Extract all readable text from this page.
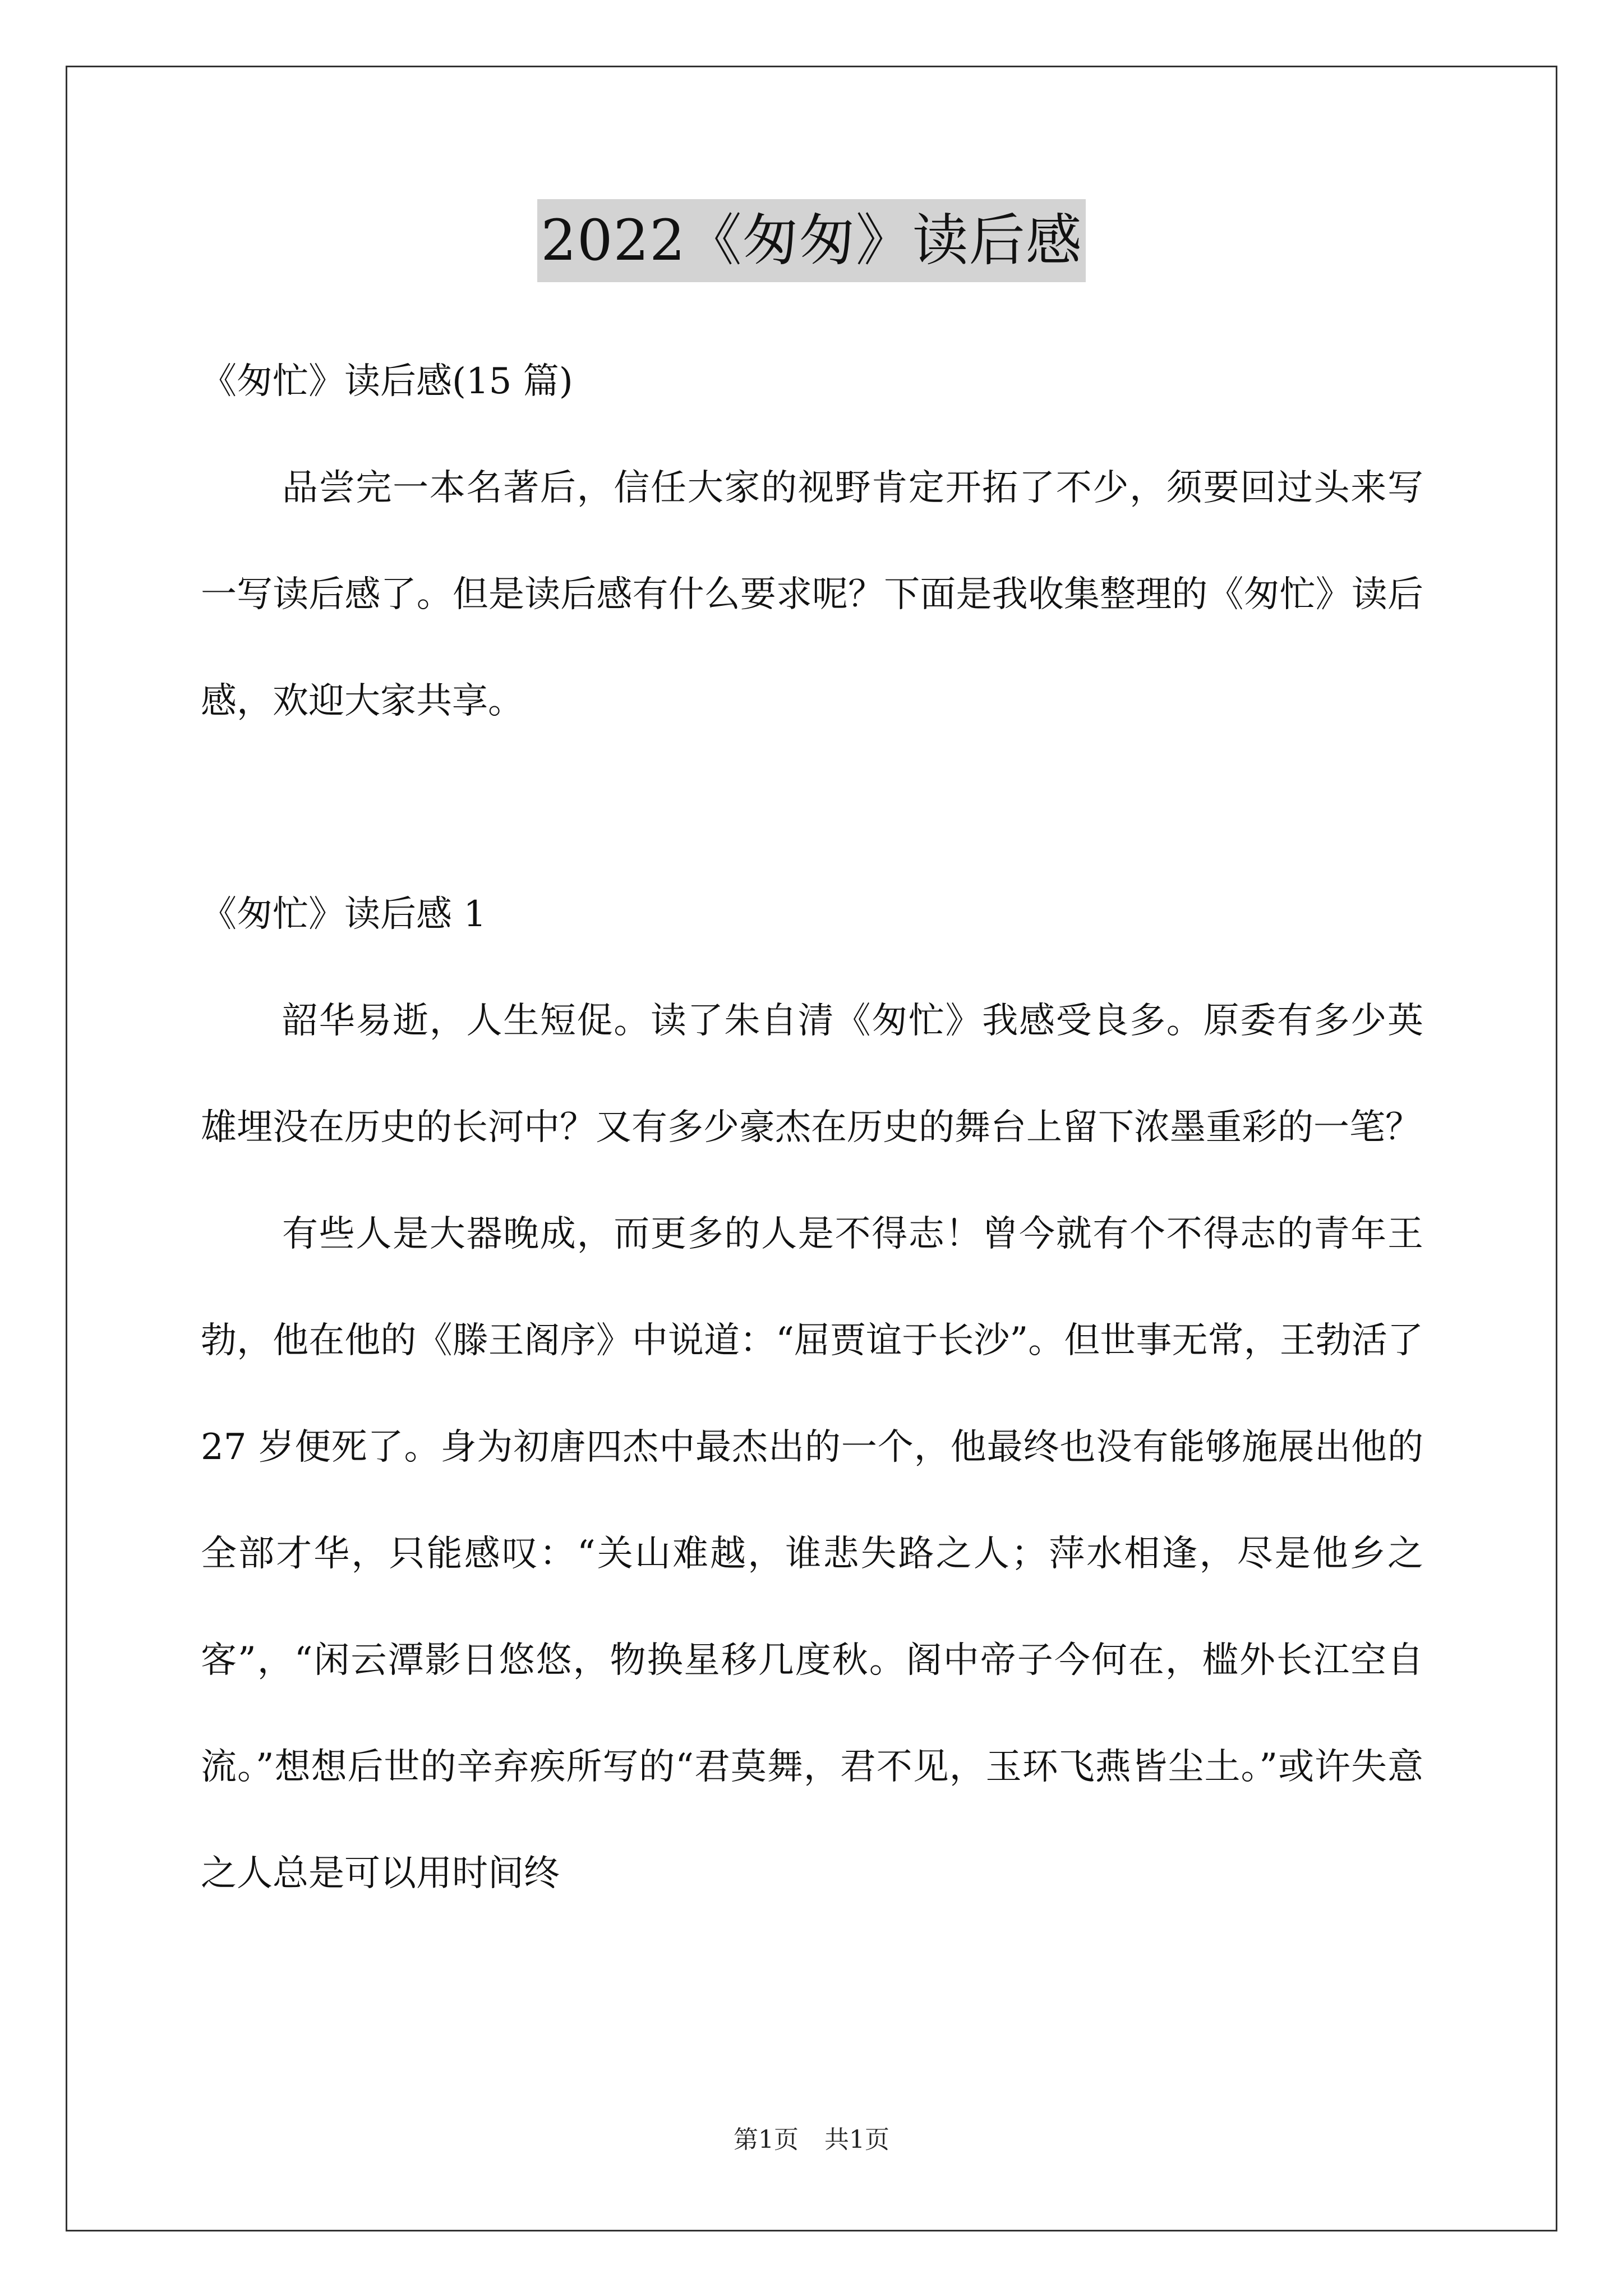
2022《匆匆》读后感

《匆忙》读后感(15 篇)

品尝完一本名著后，信任大家的视野肯定开拓了不少，须要回过头来写一写读后感了。但是读后感有什么要求呢？下面是我收集整理的《匆忙》读后感，欢迎大家共享。

《匆忙》读后感 1

韶华易逝，人生短促。读了朱自清《匆忙》我感受良多。原委有多少英雄埋没在历史的长河中？又有多少豪杰在历史的舞台上留下浓墨重彩的一笔？

有些人是大器晚成，而更多的人是不得志！曾今就有个不得志的青年王勃，他在他的《滕王阁序》中说道：“屈贾谊于长沙”。但世事无常，王勃活了 27 岁便死了。身为初唐四杰中最杰出的一个，他最终也没有能够施展出他的全部才华，只能感叹：“关山难越，谁悲失路之人；萍水相逢，尽是他乡之客”，“闲云潭影日悠悠，物换星移几度秋。阁中帝子今何在，槛外长江空自流。”想想后世的辛弃疾所写的“君莫舞，君不见，玉环飞燕皆尘土。”或许失意之人总是可以用时间终

第1页 共1页
